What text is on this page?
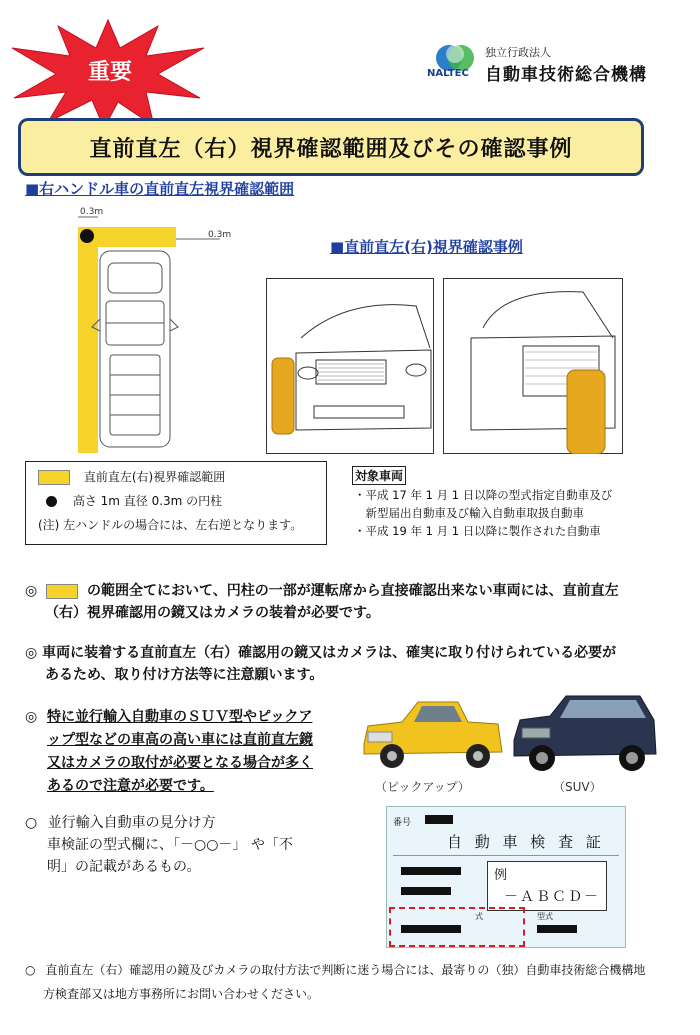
重要	NALTEC
独立行政法人
自動車技術総合機構
直前直左（右）視界確認範囲及びその確認事例
■右ハンドル車の直前直左視界確認範囲
0.3m
0.3m
■直前直左(右)視界確認事例
直前直左(右)視界確認範囲
高さ 1m 直径 0.3m の円柱
(注) 左ハンドルの場合には、左右逆となります。
対象車両
・平成 17 年 1 月 1 日以降の型式指定自動車及び
　新型届出自動車及び輸入自動車取扱自動車
・平成 19 年 1 月 1 日以降に製作された自動車
◎	の範囲全てにおいて、円柱の一部が運転席から直接確認出来ない車両には、直前直左
（右）視界確認用の鏡又はカメラの装着が必要です。
◎ 車両に装着する直前直左（右）確認用の鏡又はカメラは、確実に取り付けられている必要が
あるため、取り付け方法等に注意願います。
◎ 特に並行輸入自動車のＳＵＶ型やピックア
ップ型などの車高の高い車には直前直左鏡
又はカメラの取付が必要となる場合が多く
あるので注意が必要です。	（ピックアップ）	（SUV）
○ 並行輸入自動車の見分け方
車検証の型式欄に、「－○○－」 や「不
明」の記載があるもの。
番号
自 動 車 検 査 証
例
－ＡＢＣＤ－
式	型式
○ 直前直左（右）確認用の鏡及びカメラの取付方法で判断に迷う場合には、最寄りの（独）自動車技術総合機構地
方検査部又は地方事務所にお問い合わせください。
